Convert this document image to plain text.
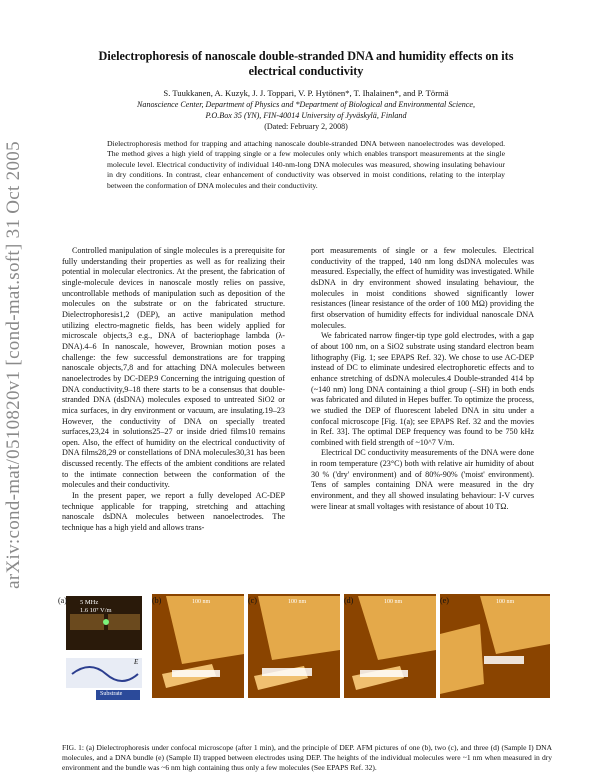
arXiv:cond-mat/0510820v1 [cond-mat.soft] 31 Oct 2005
Dielectrophoresis of nanoscale double-stranded DNA and humidity effects on its
electrical conductivity
S. Tuukkanen, A. Kuzyk, J. J. Toppari, V. P. Hytönen*, T. Ihalainen*, and P. Törmä
Nanoscience Center, Department of Physics and *Department of Biological and Environmental Science,
P.O.Box 35 (YN), FIN-40014 University of Jyväskylä, Finland
(Dated: February 2, 2008)
Dielectrophoresis method for trapping and attaching nanoscale double-stranded DNA between nanoelectrodes was developed. The method gives a high yield of trapping single or a few molecules only which enables transport measurements at the single molecule level. Electrical conductivity of individual 140-nm-long DNA molecules was measured, showing insulating behaviour in dry conditions. In contrast, clear enhancement of conductivity was observed in moist conditions, relating to the interplay between the conformation of DNA molecules and their conductivity.

Controlled manipulation of single molecules is a prerequisite for fully understanding their properties as well as for realizing their potential in molecular electronics. At the present, the fabrication of single-molecule devices in nanoscale mostly relies on passive, uncontrollable methods of manipulation such as deposition of the molecules on the substrate or on the fabricated structure. Dielectrophoresis1,2 (DEP), an active manipulation method utilizing electro-magnetic fields, has been widely applied for microscale objects,3 e.g., DNA of bacteriophage lambda (λ-DNA).4–6 In nanoscale, however, Brownian motion poses a challenge: the few successful demonstrations are for trapping nanoscale objects,7,8 and for attaching DNA molecules between nanoelectrodes by DC-DEP.9 Concerning the intriguing question of DNA conductivity,9–18 there starts to be a consensus that double-stranded DNA (dsDNA) molecules exposed to untreated SiO2 or mica surfaces, in dry environment or vacuum, are insulating.19–23 However, the conductivity of DNA on specially treated surfaces,23,24 in solutions25–27 or inside dried films10 remains open. Also, the effect of humidity on the electrical conductivity of DNA films28,29 or constellations of DNA molecules30,31 has been discussed recently. The effects of the ambient conditions are related to the intimate connection between the conformation of the molecules and their conductivity.

In the present paper, we report a fully developed AC-DEP technique applicable for trapping, stretching and attaching nanoscale dsDNA molecules between nanoelectrodes. The technique has a high yield and allows trans-

port measurements of single or a few molecules. Electrical conductivity of the trapped, 140 nm long dsDNA molecules was measured. Especially, the effect of humidity was investigated. While dsDNA in dry environment showed insulating behaviour, the molecules in moist conditions showed significantly lower resistances (linear resistance of the order of 100 MΩ) providing the first observation of humidity effects for individual nanoscale DNA molecules.

We fabricated narrow finger-tip type gold electrodes, with a gap of about 100 nm, on a SiO2 substrate using standard electron beam lithography (Fig. 1; see EPAPS Ref. 32). We chose to use AC-DEP instead of DC to eliminate undesired electrophoretic effects and to enhance stretching of dsDNA molecules.4 Double-stranded 414 bp (~140 nm) long DNA containing a thiol group (–SH) in both ends was fabricated and diluted in Hepes buffer. To optimize the process, we studied the DEP of fluorescent labeled DNA in situ under a confocal microscope [Fig. 1(a); see EPAPS Ref. 32 and the movies in Ref. 33]. The optimal DEP frequency was found to be 750 kHz combined with field strength of ~10^7 V/m.

Electrical DC conductivity measurements of the DNA were done in room temperature (23°C) both with relative air humidity of about 30 % ('dry' environment) and of 80%-90% ('moist' environment). Tens of samples containing DNA were measured in the dry environment, and they all showed insulating behaviour: I-V curves were linear at small voltages with resistance of about 10 TΩ.

(a) 5 MHz
1.6 10⁷ V/m
Substrate
E
(b)	100 nm	(c)	100 nm	(d)	100 nm	(e)	100 nm
FIG. 1: (a) Dielectrophoresis under confocal microscope (after 1 min), and the principle of DEP. AFM pictures of one (b), two (c), and three (d) (Sample I) DNA molecules, and a DNA bundle (e) (Sample II) trapped between electrodes using DEP. The heights of the individual molecules were ~1 nm when measured in dry environment and the bundle was ~6 nm high containing thus only a few molecules (See EPAPS Ref. 32).
